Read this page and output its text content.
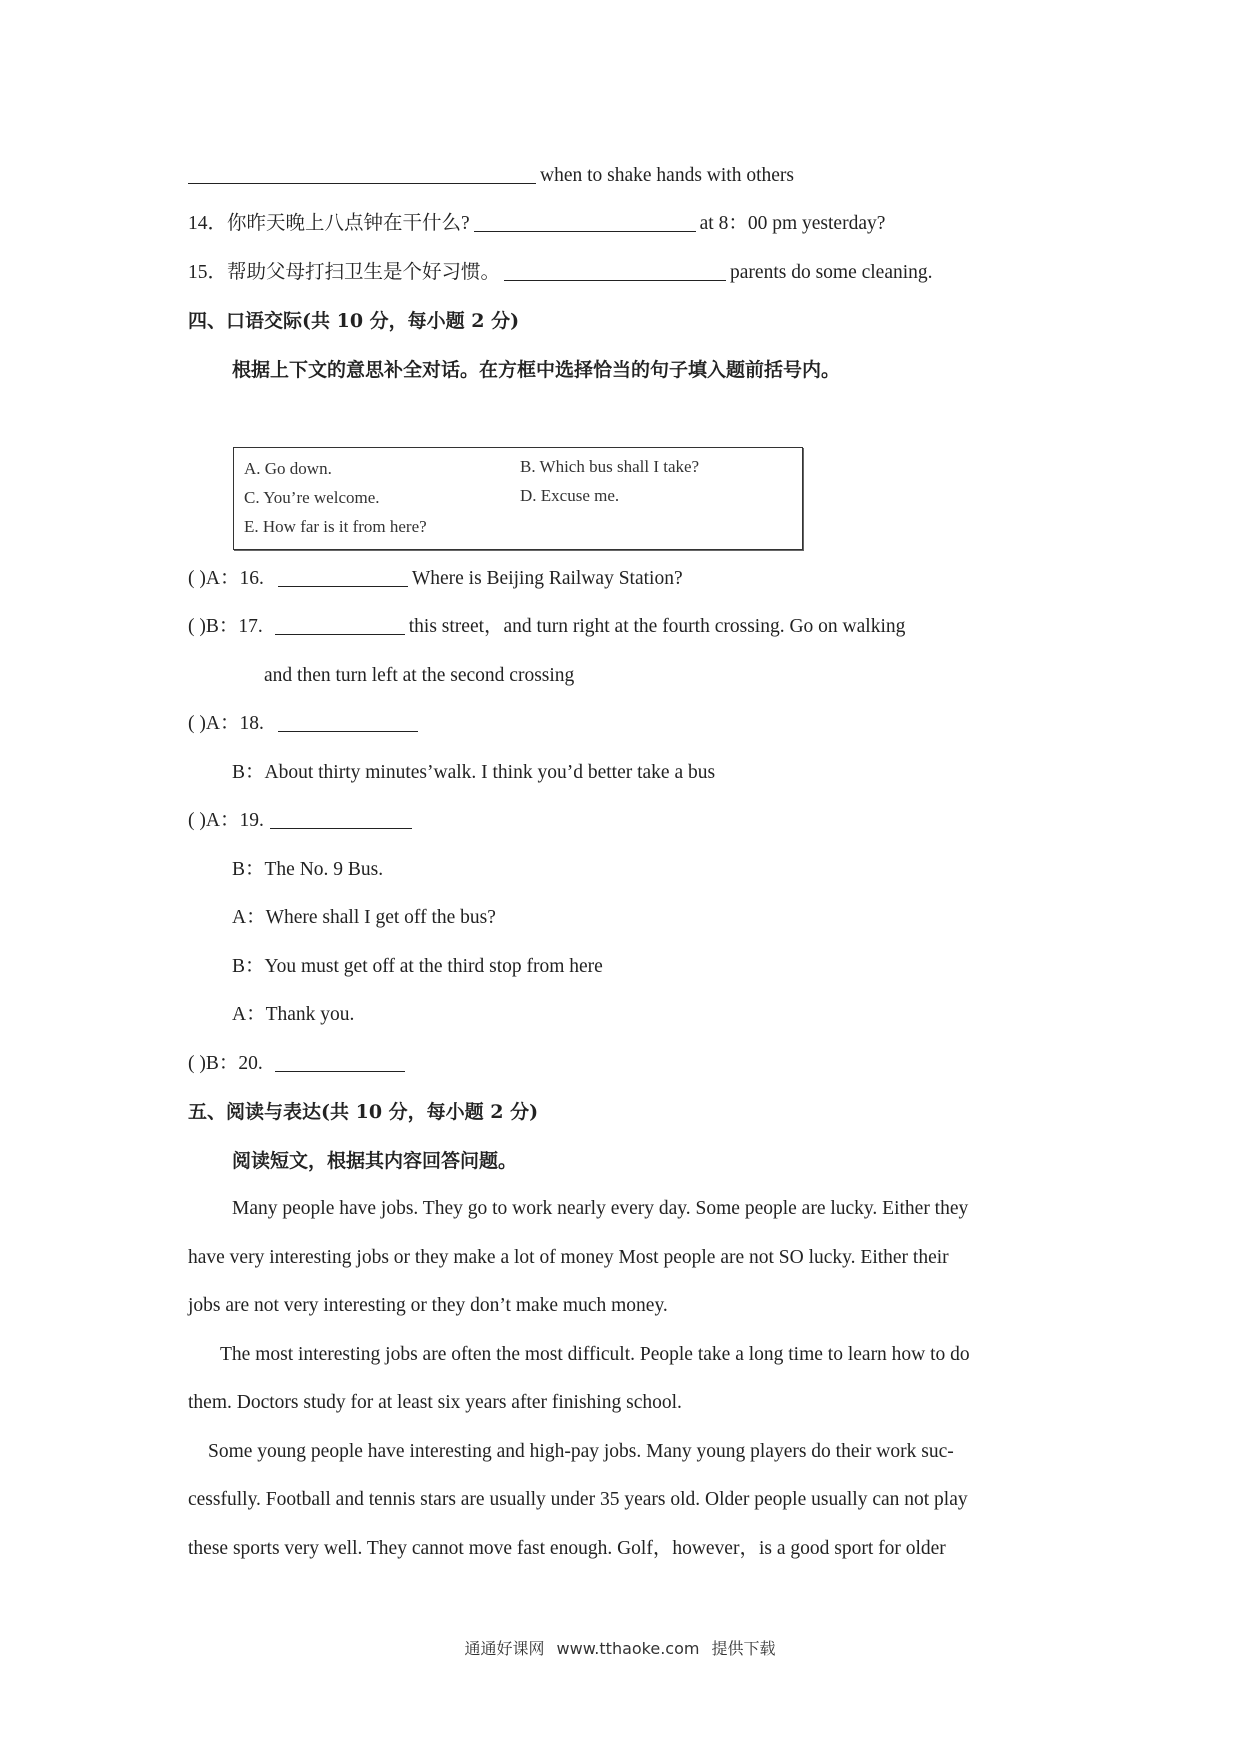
when to shake hands with others
14．你昨天晚上八点钟在干什么?	at 8：00 pm yesterday?
15．帮助父母打扫卫生是个好习惯。	parents do some cleaning.
四、口语交际(共 10 分，每小题 2 分)
根据上下文的意思补全对话。在方框中选择恰当的句子填入题前括号内。
A. Go down.	B. Which bus shall I take?
C. You’re welcome.	D. Excuse me.
E. How far is it from here?
( )A：16.	Where is Beijing Railway Station?
( )B：17.	this street，and turn right at the fourth crossing. Go on walking
and then turn left at the second crossing
( )A：18.
B：About thirty minutes’walk. I think you’d better take a bus
( )A：19.
B：The No. 9 Bus.
A：Where shall I get off the bus?
B：You must get off at the third stop from here
A：Thank you.
( )B：20.
五、阅读与表达(共 10 分，每小题 2 分)
阅读短文，根据其内容回答问题。
Many people have jobs. They go to work nearly every day. Some people are lucky. Either they
have very interesting jobs or they make a lot of money Most people are not SO lucky. Either their
jobs are not very interesting or they don’t make much money.
The most interesting jobs are often the most difficult. People take a long time to learn how to do
them. Doctors study for at least six years after finishing school.
Some young people have interesting and high-pay jobs. Many young players do their work suc-
cessfully. Football and tennis stars are usually under 35 years old. Older people usually can not play
these sports very well. They cannot move fast enough. Golf，however，is a good sport for older
通通好课网 www.tthaoke.com 提供下载
